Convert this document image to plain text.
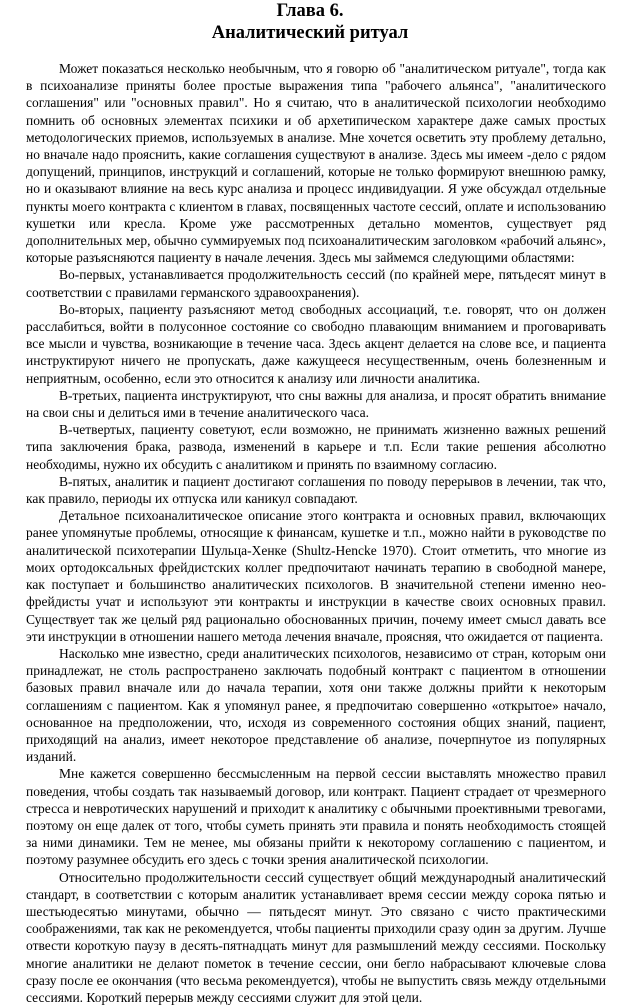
Глава 6.
Аналитический ритуал

Может показаться несколько необычным, что я говорю об "аналитическом ритуале", тогда как в психоанализе приняты более простые выражения типа "рабочего альянса", "аналитического соглашения" или "основных правил". Но я считаю, что в аналитической психологии необходимо помнить об основных элементах психики и об архетипическом характере даже самых простых методологических приемов, используемых в анализе. Мне хочется осветить эту проблему детально, но вначале надо прояснить, какие соглашения существуют в анализе. Здесь мы имеем -дело с рядом допущений, принципов, инструкций и соглашений, которые не только формируют внешнюю рамку, но и оказывают влияние на весь курс анализа и процесс индивидуации. Я уже обсуждал отдельные пункты моего контракта с клиентом в главах, посвященных частоте сессий, оплате и использованию кушетки или кресла. Кроме уже рассмотренных детально моментов, существует ряд дополнительных мер, обычно суммируемых под психоаналитическим заголовком «рабочий альянс», которые разъясняются пациенту в начале лечения. Здесь мы займемся следующими областями:

Во-первых, устанавливается продолжительность сессий (по крайней мере, пятьдесят минут в соответствии с правилами германского здравоохранения).

Во-вторых, пациенту разъясняют метод свободных ассоциаций, т.е. говорят, что он должен расслабиться, войти в полусонное состояние со свободно плавающим вниманием и проговаривать все мысли и чувства, возникающие в течение часа. Здесь акцент делается на слове все, и пациента инструктируют ничего не пропускать, даже кажущееся несущественным, очень болезненным и неприятным, особенно, если это относится к анализу или личности аналитика.

В-третьих, пациента инструктируют, что сны важны для анализа, и просят обратить внимание на свои сны и делиться ими в течение аналитического часа.

В-четвертых, пациенту советуют, если возможно, не принимать жизненно важных решений типа заключения брака, развода, изменений в карьере и т.п. Если такие решения абсолютно необходимы, нужно их обсудить с аналитиком и принять по взаимному согласию.

В-пятых, аналитик и пациент достигают соглашения по поводу перерывов в лечении, так что, как правило, периоды их отпуска или каникул совпадают.

Детальное психоаналитическое описание этого контракта и основных правил, включающих ранее упомянутые проблемы, относящие к финансам, кушетке и т.п., можно найти в руководстве по аналитической психотерапии Шульца-Хенке (Shultz-Hencke 1970). Стоит отметить, что многие из моих ортодоксальных фрейдистских коллег предпочитают начинать терапию в свободной манере, как поступает и большинство аналитических психологов. В значительной степени именно нео-фрейдисты учат и используют эти контракты и инструкции в качестве своих основных правил. Существует так же целый ряд рационально обоснованных причин, почему имеет смысл давать все эти инструкции в отношении нашего метода лечения вначале, проясняя, что ожидается от пациента.

Насколько мне известно, среди аналитических психологов, независимо от стран, которым они принадлежат, не столь распространено заключать подобный контракт с пациентом в отношении базовых правил вначале или до начала терапии, хотя они также должны прийти к некоторым соглашениям с пациентом. Как я упомянул ранее, я предпочитаю совершенно «открытое» начало, основанное на предположении, что, исходя из современного состояния общих знаний, пациент, приходящий на анализ, имеет некоторое представление об анализе, почерпнутое из популярных изданий.

Мне кажется совершенно бессмысленным на первой сессии выставлять множество правил поведения, чтобы создать так называемый договор, или контракт. Пациент страдает от чрезмерного стресса и невротических нарушений и приходит к аналитику с обычными проективными тревогами, поэтому он еще далек от того, чтобы суметь принять эти правила и понять необходимость стоящей за ними динамики. Тем не менее, мы обязаны прийти к некоторому соглашению с пациентом, и поэтому разумнее обсудить его здесь с точки зрения аналитической психологии.

Относительно продолжительности сессий существует общий международный аналитический стандарт, в соответствии с которым аналитик устанавливает время сессии между сорока пятью и шестьюдесятью минутами, обычно — пятьдесят минут. Это связано с чисто практическими соображениями, так как не рекомендуется, чтобы пациенты приходили сразу один за другим. Лучше отвести короткую паузу в десять-пятнадцать минут для размышлений между сессиями. Поскольку многие аналитики не делают пометок в течение сессии, они бегло набрасывают ключевые слова сразу после ее окончания (что весьма рекомендуется), чтобы не выпустить связь между отдельными сессиями. Короткий перерыв между сессиями служит для этой цели.
